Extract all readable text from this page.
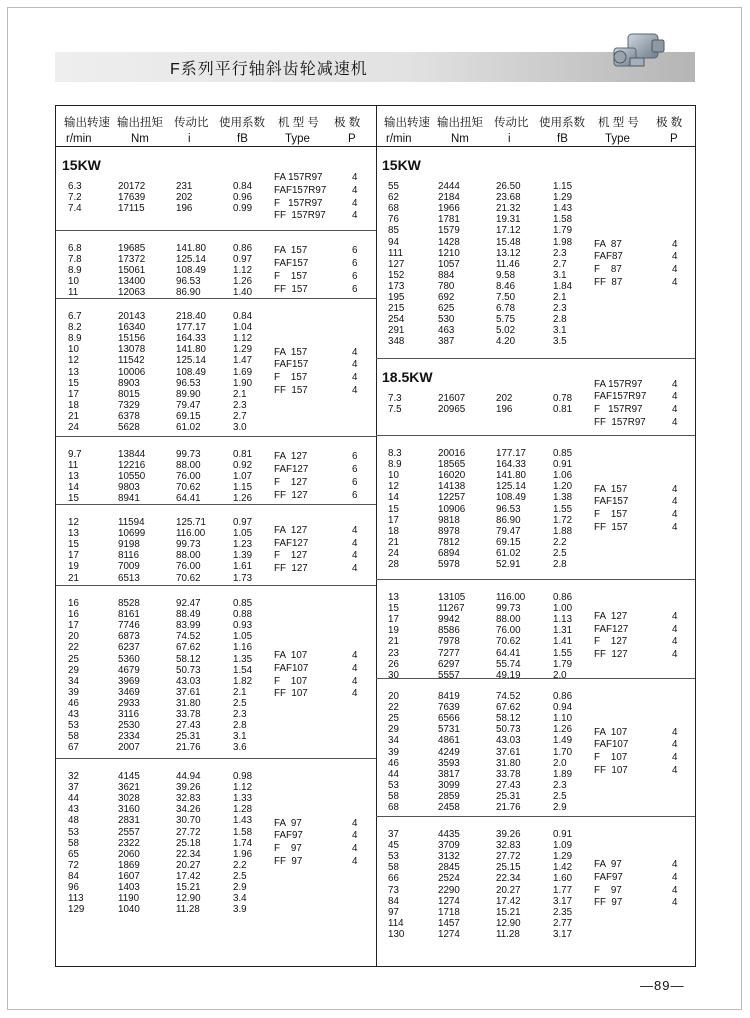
F系列平行轴斜齿轮减速机
输出转速 输出扭矩 传动比 使用系数 机 型 号 极 数
r/min	Nm	i	fB	Type	P
15KW
6.3	20172	231	0.84
7.2	17639	202	0.96
7.4	17115	196	0.99
FA 157R97	4
FAF157R97	4
F   157R97	4
FF  157R97	4
6.8	19685	141.80	0.86
7.8	17372	125.14	0.97
8.9	15061	108.49	1.12
10	13400	96.53	1.26
11	12063	86.90	1.40
FA  157	6
FAF157	6
F    157	6
FF  157	6
6.7	20143	218.40	0.84
8.2	16340	177.17	1.04
8.9	15156	164.33	1.12
10	13078	141.80	1.29
12	11542	125.14	1.47
13	10006	108.49	1.69
15	8903	96.53	1.90
17	8015	89.90	2.1
18	7329	79.47	2.3
21	6378	69.15	2.7
24	5628	61.02	3.0
FA  157	4
FAF157	4
F    157	4
FF  157	4
9.7	13844	99.73	0.81
11	12216	88.00	0.92
13	10550	76.00	1.07
14	9803	70.62	1.15
15	8941	64.41	1.26
FA  127	6
FAF127	6
F    127	6
FF  127	6
12	11594	125.71	0.97
13	10699	116.00	1.05
15	9198	99.73	1.23
17	8116	88.00	1.39
19	7009	76.00	1.61
21	6513	70.62	1.73
FA  127	4
FAF127	4
F    127	4
FF  127	4
16	8528	92.47	0.85
16	8161	88.49	0.88
17	7746	83.99	0.93
20	6873	74.52	1.05
22	6237	67.62	1.16
25	5360	58.12	1.35
29	4679	50.73	1.54
34	3969	43.03	1.82
39	3469	37.61	2.1
46	2933	31.80	2.5
43	3116	33.78	2.3
53	2530	27.43	2.8
58	2334	25.31	3.1
67	2007	21.76	3.6
FA  107	4
FAF107	4
F    107	4
FF  107	4
32	4145	44.94	0.98
37	3621	39.26	1.12
44	3028	32.83	1.33
43	3160	34.26	1.28
48	2831	30.70	1.43
53	2557	27.72	1.58
58	2322	25.18	1.74
65	2060	22.34	1.96
72	1869	20.27	2.2
84	1607	17.42	2.5
96	1403	15.21	2.9
113	1190	12.90	3.4
129	1040	11.28	3.9
FA  97	4
FAF97	4
F    97	4
FF  97	4
输出转速 输出扭矩 传动比 使用系数 机 型 号 极 数
r/min	Nm	i	fB	Type	P
15KW
55	2444	26.50	1.15
62	2184	23.68	1.29
68	1966	21.32	1.43
76	1781	19.31	1.58
85	1579	17.12	1.79
94	1428	15.48	1.98
111	1210	13.12	2.3
127	1057	11.46	2.7
152	884	9.58	3.1
173	780	8.46	1.84
195	692	7.50	2.1
215	625	6.78	2.3
254	530	5.75	2.8
291	463	5.02	3.1
348	387	4.20	3.5
FA  87	4
FAF87	4
F    87	4
FF  87	4
18.5KW
7.3	21607	202	0.78
7.5	20965	196	0.81
FA 157R97	4
FAF157R97	4
F   157R97	4
FF  157R97	4
8.3	20016	177.17	0.85
8.9	18565	164.33	0.91
10	16020	141.80	1.06
12	14138	125.14	1.20
14	12257	108.49	1.38
15	10906	96.53	1.55
17	9818	86.90	1.72
18	8978	79.47	1.88
21	7812	69.15	2.2
24	6894	61.02	2.5
28	5978	52.91	2.8
FA  157	4
FAF157	4
F    157	4
FF  157	4
13	13105	116.00	0.86
15	11267	99.73	1.00
17	9942	88.00	1.13
19	8586	76.00	1.31
21	7978	70.62	1.41
23	7277	64.41	1.55
26	6297	55.74	1.79
30	5557	49.19	2.0
FA  127	4
FAF127	4
F    127	4
FF  127	4
20	8419	74.52	0.86
22	7639	67.62	0.94
25	6566	58.12	1.10
29	5731	50.73	1.26
34	4861	43.03	1.49
39	4249	37.61	1.70
46	3593	31.80	2.0
44	3817	33.78	1.89
53	3099	27.43	2.3
58	2859	25.31	2.5
68	2458	21.76	2.9
FA  107	4
FAF107	4
F    107	4
FF  107	4
37	4435	39.26	0.91
45	3709	32.83	1.09
53	3132	27.72	1.29
58	2845	25.15	1.42
66	2524	22.34	1.60
73	2290	20.27	1.77
84	1274	17.42	3.17
97	1718	15.21	2.35
114	1457	12.90	2.77
130	1274	11.28	3.17
FA  97	4
FAF97	4
F    97	4
FF  97	4
—89—
